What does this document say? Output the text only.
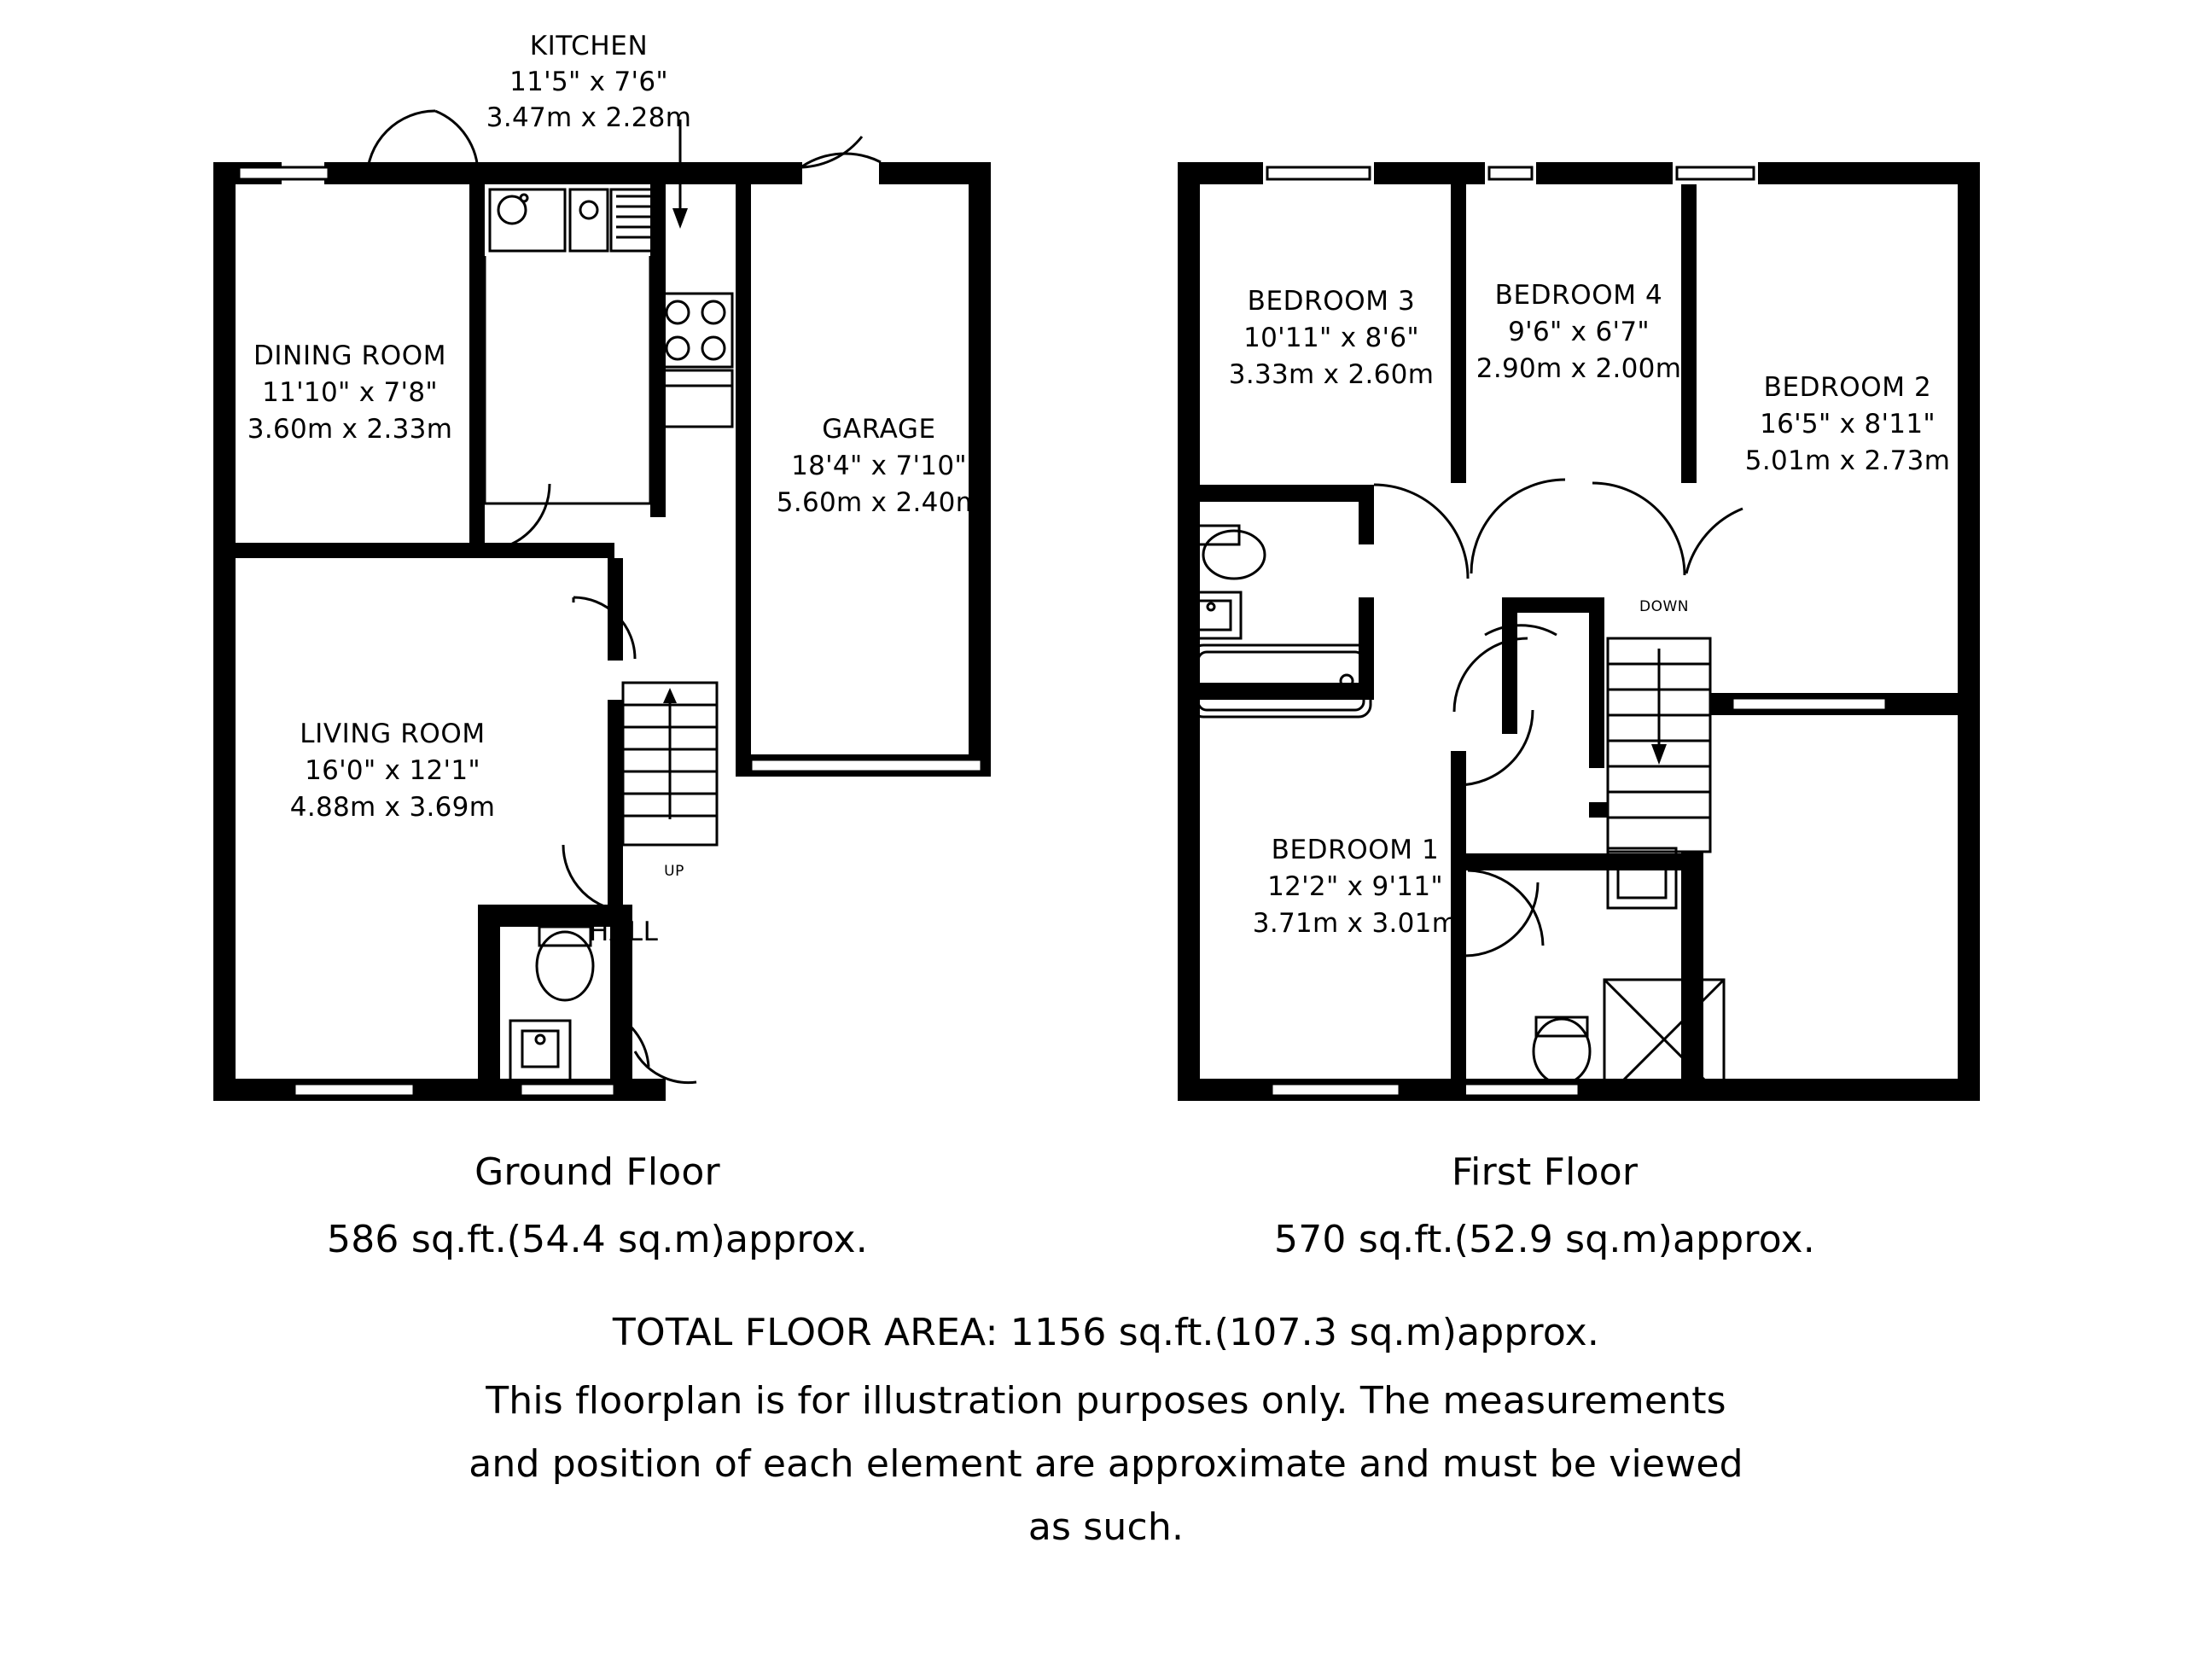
KITCHEN
11'5" x 7'6"
3.47m x 2.28m
DINING ROOM
11'10" x 7'8"
3.60m x 2.33m	GARAGE
18'4" x 7'10"
5.60m x 2.40m
LIVING ROOM
16'0" x 12'1"
4.88m x 3.69m
HALL
UP
BEDROOM 3
10'11" x 8'6"
3.33m x 2.60m
BEDROOM 4
9'6" x 6'7"
2.90m x 2.00m
BEDROOM 2
16'5" x 8'11"
5.01m x 2.73m
BEDROOM 1
12'2" x 9'11"
3.71m x 3.01m
DOWN
Ground Floor
586 sq.ft.(54.4 sq.m)approx.
First Floor
570 sq.ft.(52.9 sq.m)approx.
TOTAL FLOOR AREA: 1156 sq.ft.(107.3 sq.m)approx.
This floorplan is for illustration purposes only. The measurements
and position of each element are approximate and must be viewed
as such.
